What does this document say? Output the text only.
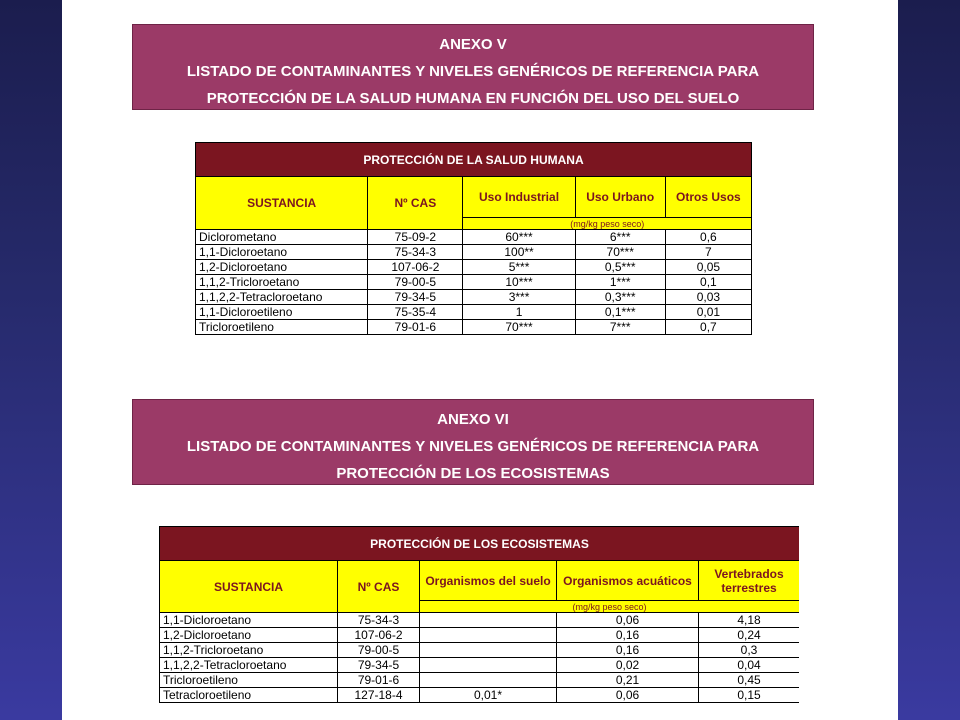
ANEXO V
LISTADO DE CONTAMINANTES Y NIVELES GENÉRICOS DE REFERENCIA PARA
PROTECCIÓN DE LA SALUD HUMANA EN FUNCIÓN DEL USO DEL SUELO
PROTECCIÓN DE LA SALUD HUMANA				
SUSTANCIA	Nº CAS	Uso Industrial	Uso Urbano	Otros Usos
		(mg/kg peso seco)		
Diclorometano	75-09-2	60***	6***	0,6
1,1-Dicloroetano	75-34-3	100**	70***	7
1,2-Dicloroetano	107-06-2	5***	0,5***	0,05
1,1,2-Tricloroetano	79-00-5	10***	1***	0,1
1,1,2,2-Tetracloroetano	79-34-5	3***	0,3***	0,03
1,1-Dicloroetileno	75-35-4	1	0,1***	0,01
Tricloroetileno	79-01-6	70***	7***	0,7
ANEXO VI
LISTADO DE CONTAMINANTES Y NIVELES GENÉRICOS DE REFERENCIA PARA
PROTECCIÓN DE LOS ECOSISTEMAS
PROTECCIÓN DE LOS ECOSISTEMAS				
SUSTANCIA	Nº CAS	Organismos del suelo	Organismos acuáticos	Vertebrados terrestres
		(mg/kg peso seco)		
1,1-Dicloroetano	75-34-3		0,06	4,18
1,2-Dicloroetano	107-06-2		0,16	0,24
1,1,2-Tricloroetano	79-00-5		0,16	0,3
1,1,2,2-Tetracloroetano	79-34-5		0,02	0,04
Tricloroetileno	79-01-6		0,21	0,45
Tetracloroetileno	127-18-4	0,01*	0,06	0,15
